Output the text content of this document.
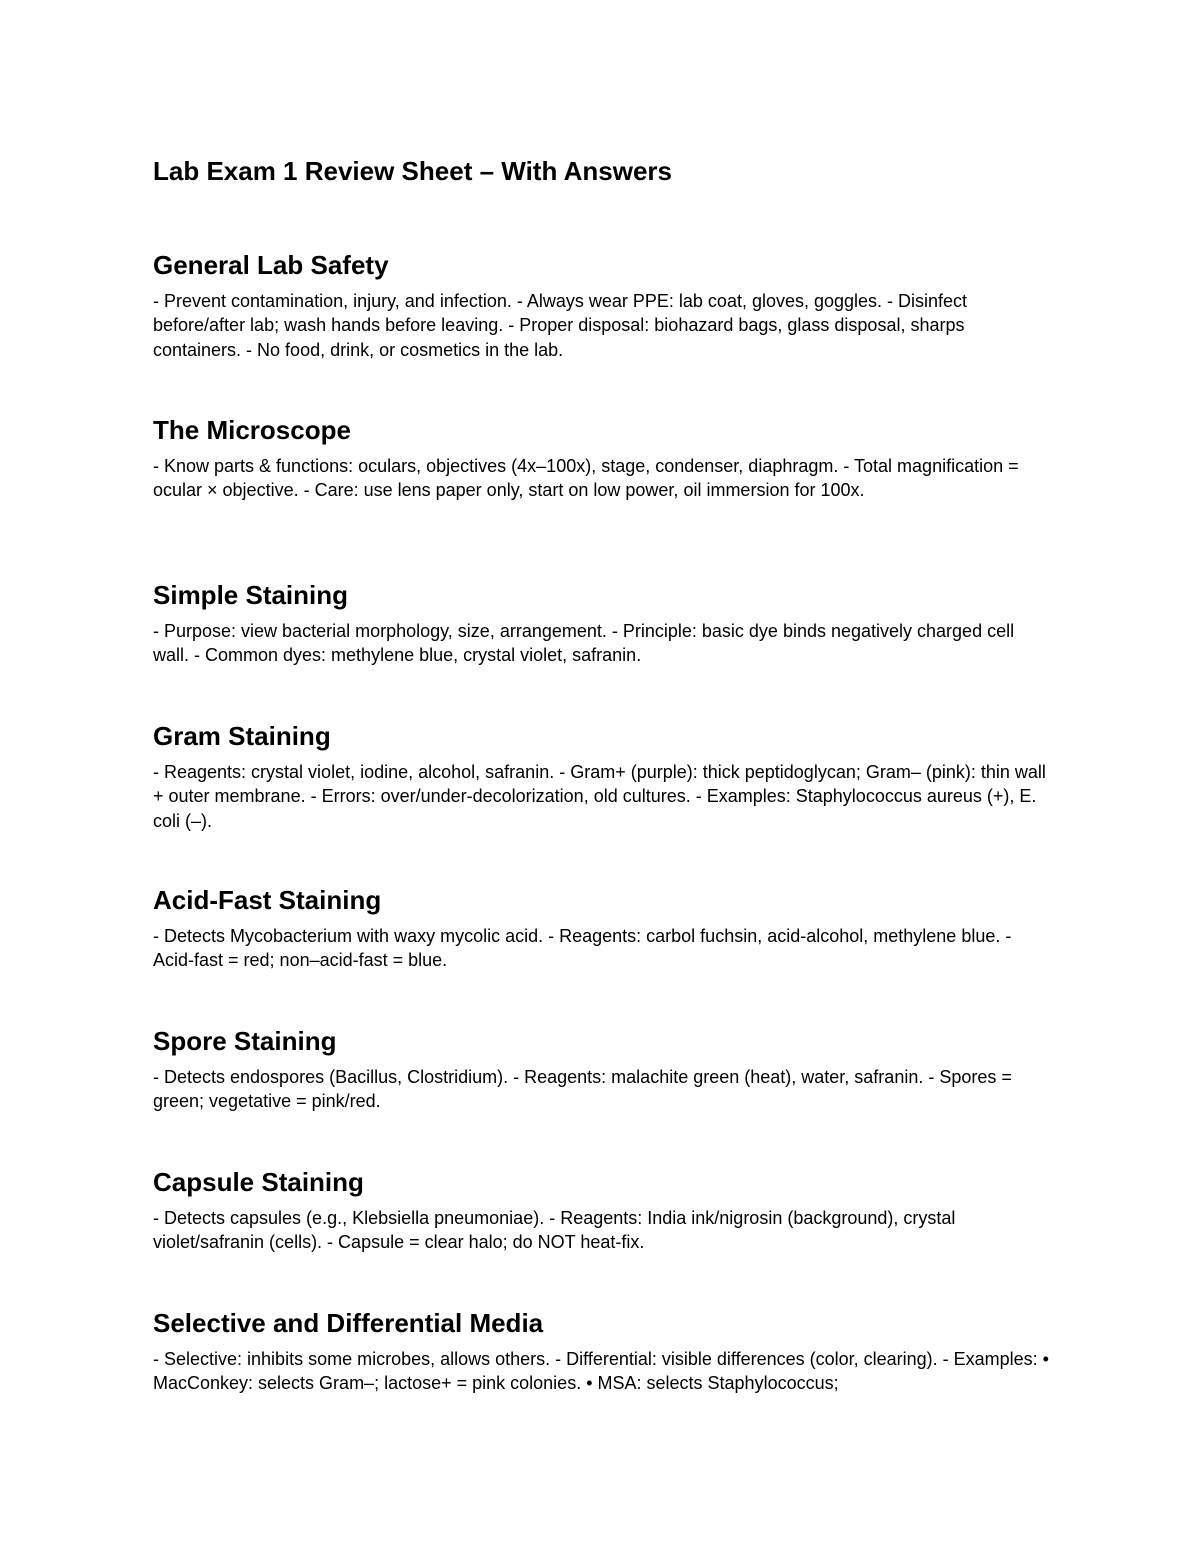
Lab Exam 1 Review Sheet – With Answers
General Lab Safety

- Prevent contamination, injury, and infection. - Always wear PPE: lab coat, gloves, goggles. - Disinfect before/after lab; wash hands before leaving. - Proper disposal: biohazard bags, glass disposal, sharps containers. - No food, drink, or cosmetics in the lab.

The Microscope

- Know parts & functions: oculars, objectives (4x–100x), stage, condenser, diaphragm. - Total magnification = ocular × objective. - Care: use lens paper only, start on low power, oil immersion for 100x.

Simple Staining

- Purpose: view bacterial morphology, size, arrangement. - Principle: basic dye binds negatively charged cell wall. - Common dyes: methylene blue, crystal violet, safranin.

Gram Staining

- Reagents: crystal violet, iodine, alcohol, safranin. - Gram+ (purple): thick peptidoglycan; Gram– (pink): thin wall + outer membrane. - Errors: over/under-decolorization, old cultures. - Examples: Staphylococcus aureus (+), E. coli (–).

Acid-Fast Staining

- Detects Mycobacterium with waxy mycolic acid. - Reagents: carbol fuchsin, acid-alcohol, methylene blue. - Acid-fast = red; non–acid-fast = blue.

Spore Staining

- Detects endospores (Bacillus, Clostridium). - Reagents: malachite green (heat), water, safranin. - Spores = green; vegetative = pink/red.

Capsule Staining

- Detects capsules (e.g., Klebsiella pneumoniae). - Reagents: India ink/nigrosin (background), crystal violet/safranin (cells). - Capsule = clear halo; do NOT heat-fix.

Selective and Differential Media

- Selective: inhibits some microbes, allows others. - Differential: visible differences (color, clearing). - Examples: • MacConkey: selects Gram–; lactose+ = pink colonies. • MSA: selects Staphylococcus;
